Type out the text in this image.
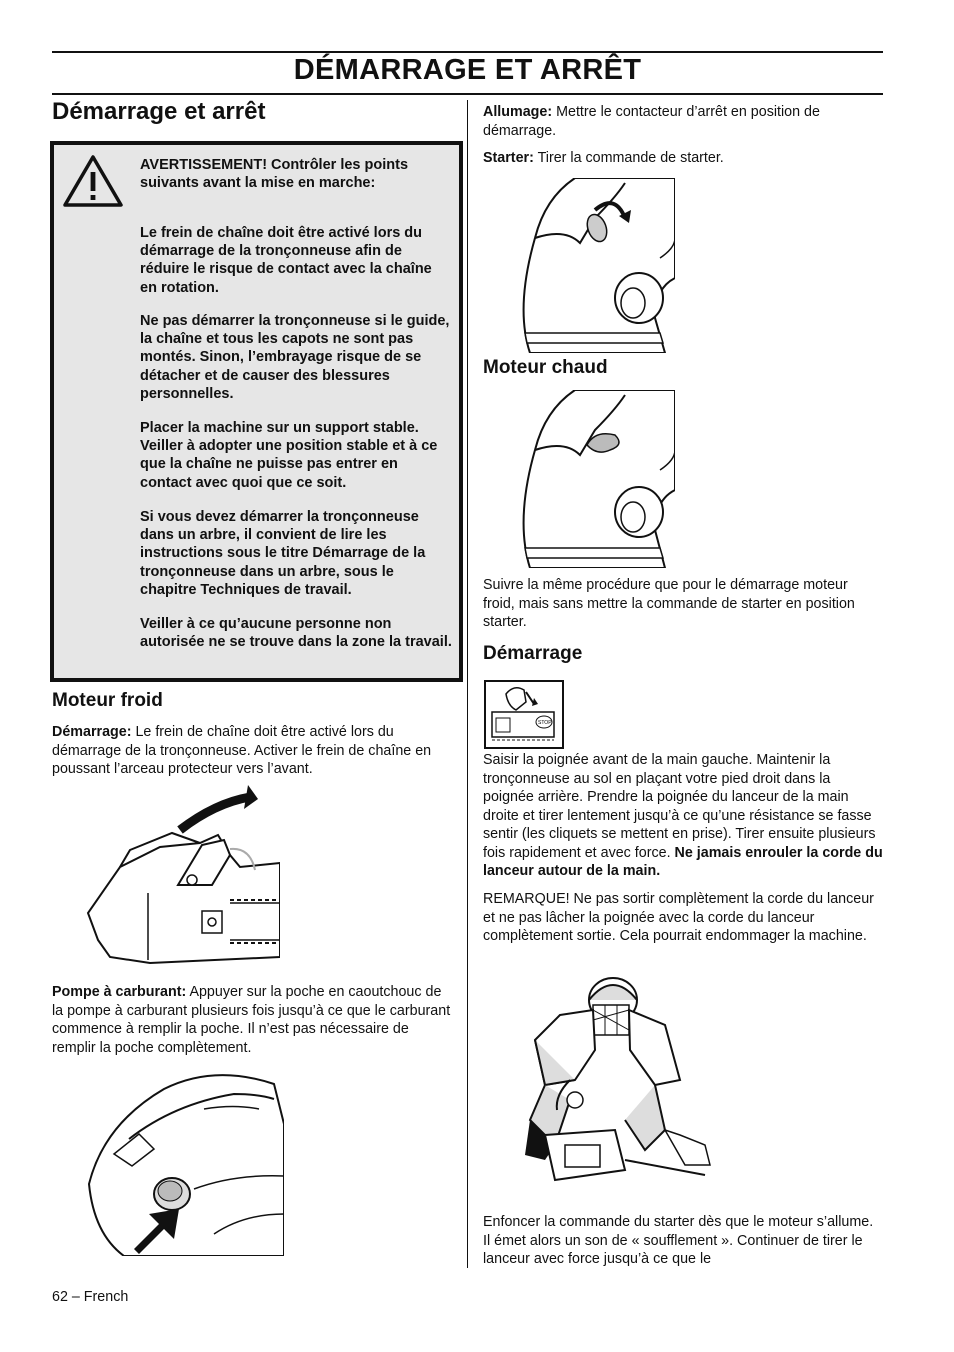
DÉMARRAGE ET ARRÊT
Démarrage et arrêt

AVERTISSEMENT! Contrôler les points suivants avant la mise en marche:

Le frein de chaîne doit être activé lors du démarrage de la tronçonneuse afin de réduire le risque de contact avec la chaîne en rotation.

Ne pas démarrer la tronçonneuse si le guide, la chaîne et tous les capots ne sont pas montés. Sinon, l’embrayage risque de se détacher et de causer des blessures personnelles.

Placer la machine sur un support stable. Veiller à adopter une position stable et à ce que la chaîne ne puisse pas entrer en contact avec quoi que ce soit.

Si vous devez démarrer la tronçonneuse dans un arbre, il convient de lire les instructions sous le titre Démarrage de la tronçonneuse dans un arbre, sous le chapitre Techniques de travail.

Veiller à ce qu’aucune personne non autorisée ne se trouve dans la zone la travail.

Moteur froid

Démarrage: Le frein de chaîne doit être activé lors du démarrage de la tronçonneuse. Activer le frein de chaîne en poussant l’arceau protecteur vers l’avant.

Pompe à carburant: Appuyer sur la poche en caoutchouc de la pompe à carburant plusieurs fois jusqu’à ce que le carburant commence à remplir la poche. Il n’est pas nécessaire de remplir la poche complètement.

62 – French

Allumage: Mettre le contacteur d’arrêt en position de démarrage.

Starter: Tirer la commande de starter.

Moteur chaud

Suivre la même procédure que pour le démarrage moteur froid, mais sans mettre la commande de starter en position starter.

Démarrage
STOP

Saisir la poignée avant de la main gauche. Maintenir la tronçonneuse au sol en plaçant votre pied droit dans la poignée arrière. Prendre la poignée du lanceur de la main droite et tirer lentement jusqu’à ce qu’une résistance se fasse sentir (les cliquets se mettent en prise). Tirer ensuite plusieurs fois rapidement et avec force. Ne jamais enrouler la corde du lanceur autour de la main.

REMARQUE! Ne pas sortir complètement la corde du lanceur et ne pas lâcher la poignée avec la corde du lanceur complètement sortie. Cela pourrait endommager la machine.

Enfoncer la commande du starter dès que le moteur s’allume. Il émet alors un son de « soufflement ». Continuer de tirer le lanceur avec force jusqu’à ce que le
